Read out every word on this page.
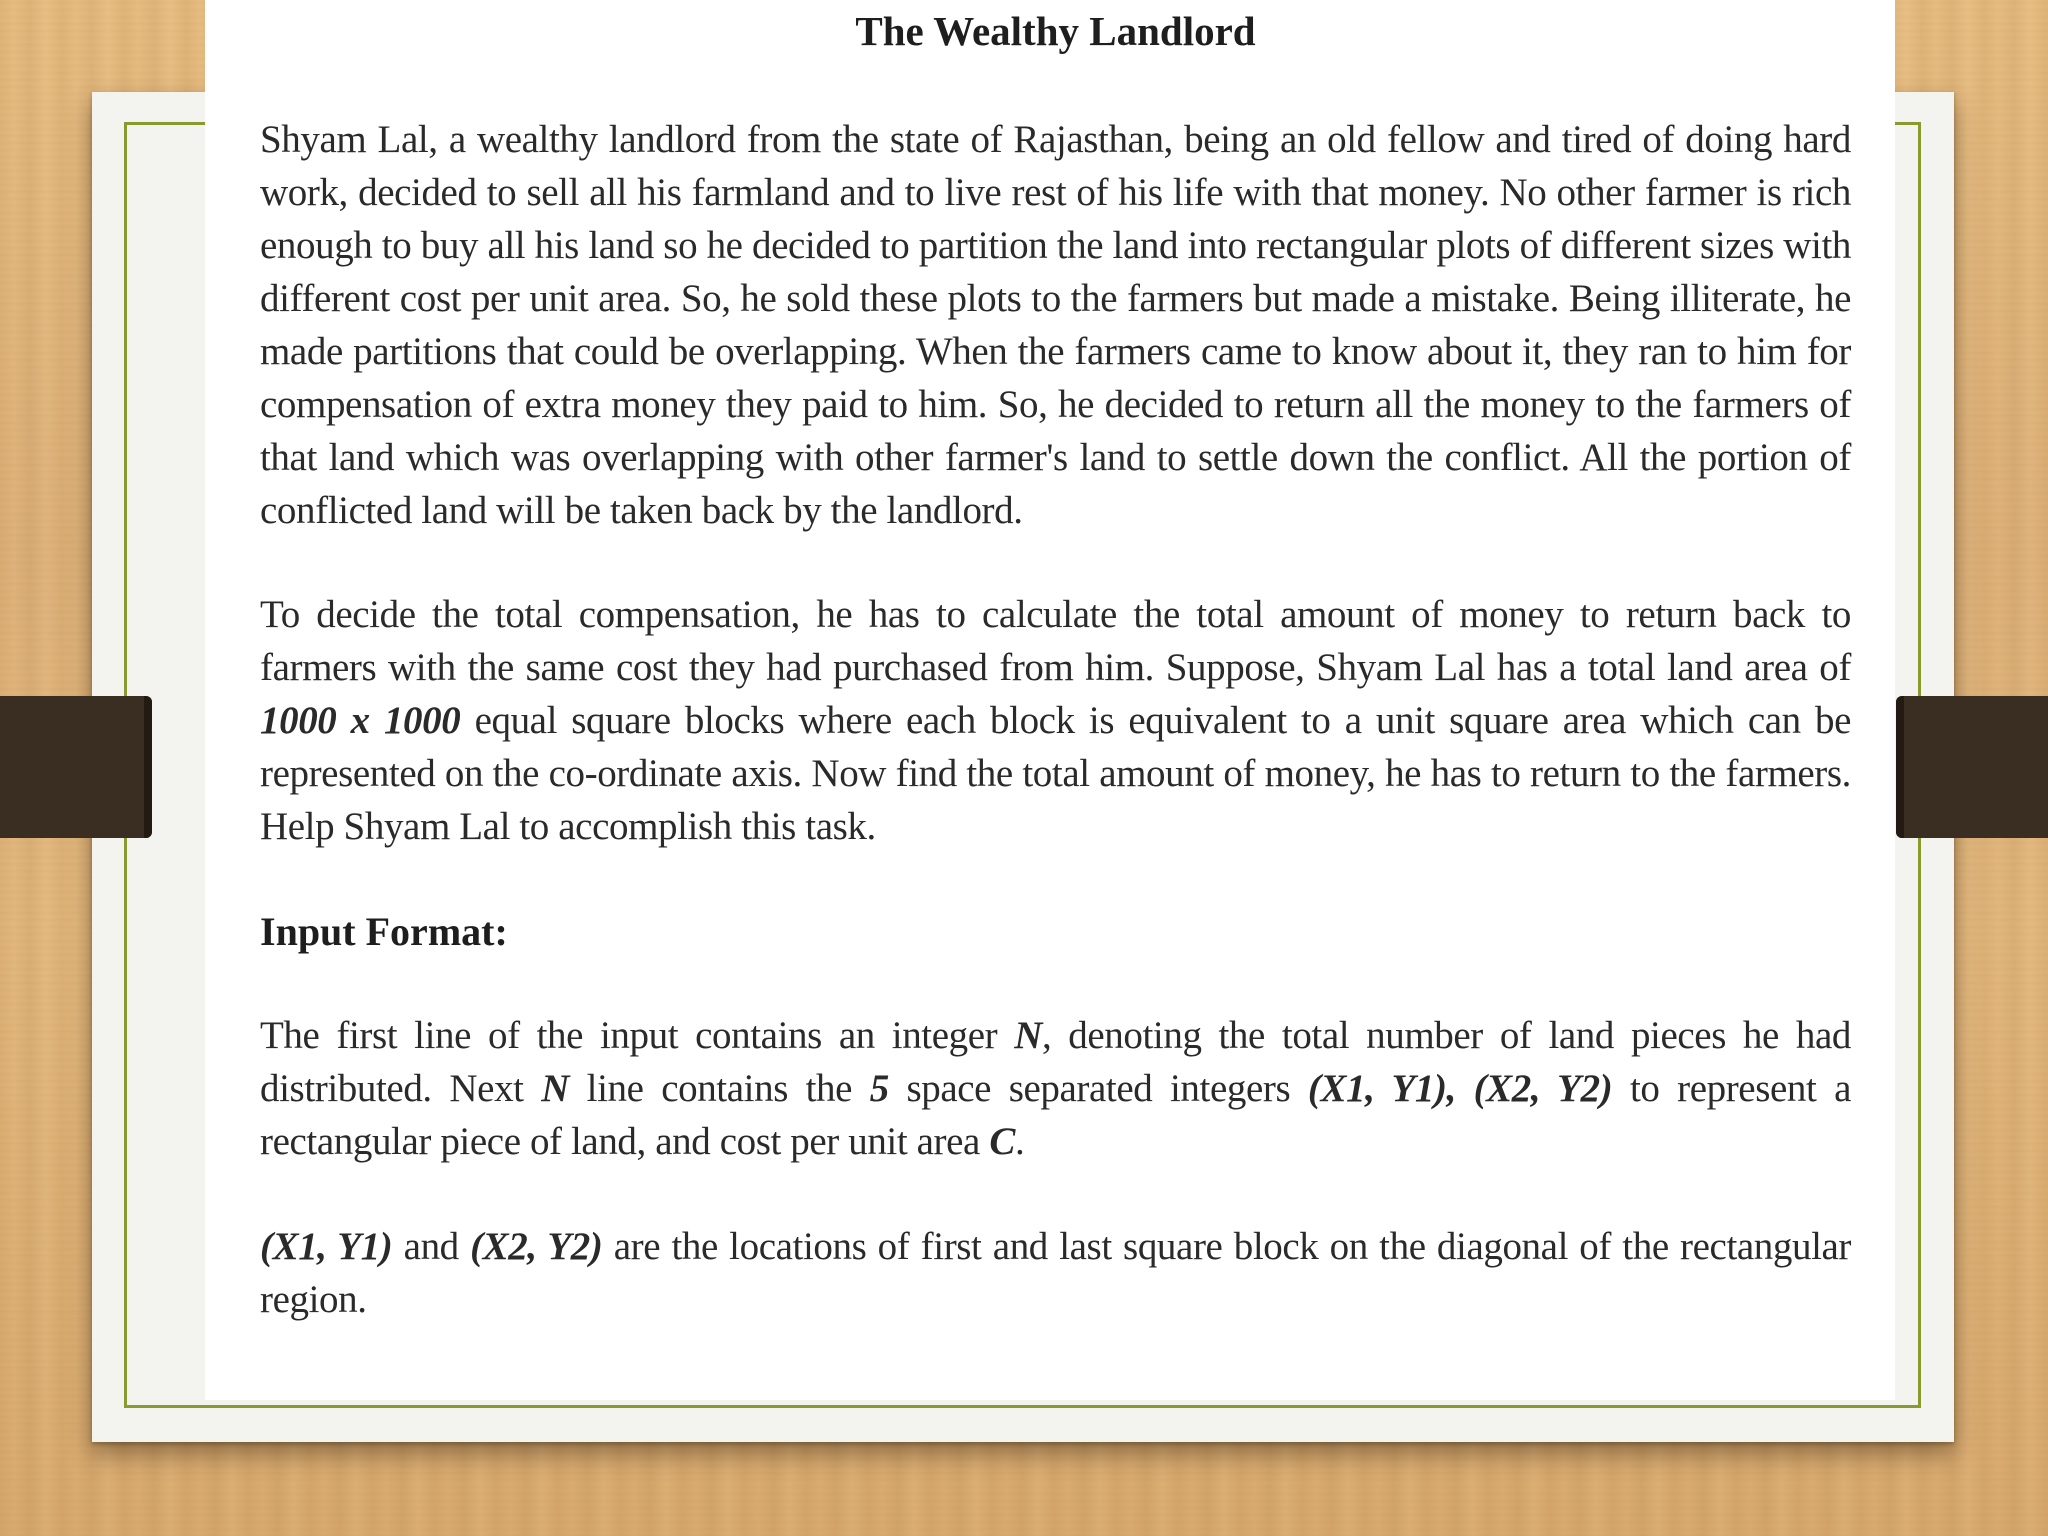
The Wealthy Landlord

Shyam Lal, a wealthy landlord from the state of Rajasthan, being an old fellow and tired of doing hard work, decided to sell all his farmland and to live rest of his life with that money. No other farmer is rich enough to buy all his land so he decided to partition the land into rectangular plots of different sizes with different cost per unit area. So, he sold these plots to the farmers but made a mistake. Being illiterate, he made partitions that could be overlapping. When the farmers came to know about it, they ran to him for compensation of extra money they paid to him. So, he decided to return all the money to the farmers of that land which was overlapping with other farmer's land to settle down the conflict. All the portion of conflicted land will be taken back by the landlord.

To decide the total compensation, he has to calculate the total amount of money to return back to farmers with the same cost they had purchased from him. Suppose, Shyam Lal has a total land area of 1000 x 1000 equal square blocks where each block is equivalent to a unit square area which can be represented on the co-ordinate axis. Now find the total amount of money, he has to return to the farmers. Help Shyam Lal to accomplish this task.

Input Format:

The first line of the input contains an integer N, denoting the total number of land pieces he had distributed. Next N line contains the 5 space separated integers (X1, Y1), (X2, Y2) to represent a rectangular piece of land, and cost per unit area C.

(X1, Y1) and (X2, Y2) are the locations of first and last square block on the diagonal of the rectangular region.
